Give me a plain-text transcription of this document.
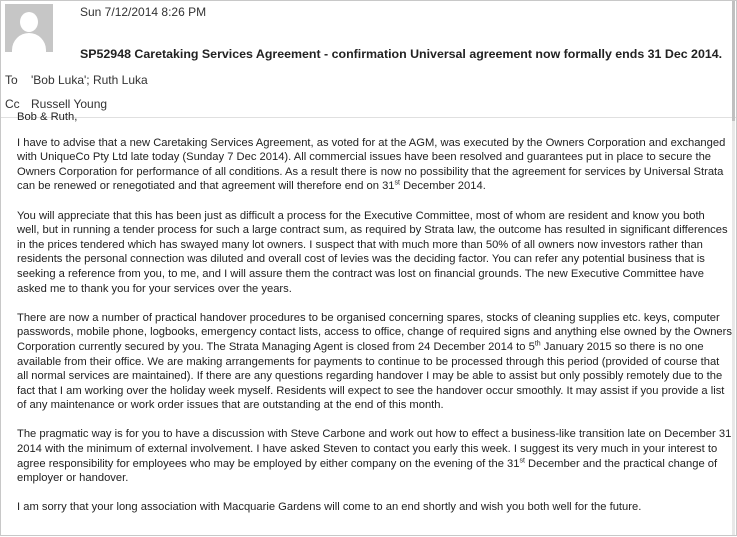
Sun 7/12/2014 8:26 PM
SP52948 Caretaking Services Agreement - confirmation Universal agreement now formally ends 31 Dec 2014.
To 'Bob Luka'; Ruth Luka
Cc Russell Young

Bob & Ruth,

I have to advise that a new Caretaking Services Agreement, as voted for at the AGM, was executed by the Owners Corporation and exchanged
with UniqueCo Pty Ltd late today (Sunday 7 Dec 2014). All commercial issues have been resolved and guarantees put in place to secure the
Owners Corporation for performance of all conditions. As a result there is now no possibility that the agreement for services by Universal Strata
can be renewed or renegotiated and that agreement will therefore end on 31st December 2014.

You will appreciate that this has been just as difficult a process for the Executive Committee, most of whom are resident and know you both
well, but in running a tender process for such a large contract sum, as required by Strata law, the outcome has resulted in significant differences
in the prices tendered which has swayed many lot owners. I suspect that with much more than 50% of all owners now investors rather than
residents the personal connection was diluted and overall cost of levies was the deciding factor. You can refer any potential business that is
seeking a reference from you, to me, and I will assure them the contract was lost on financial grounds. The new Executive Committee have
asked me to thank you for your services over the years.

There are now a number of practical handover procedures to be organised concerning spares, stocks of cleaning supplies etc. keys, computer
passwords, mobile phone, logbooks, emergency contact lists, access to office, change of required signs and anything else owned by the Owners
Corporation currently secured by you. The Strata Managing Agent is closed from 24 December 2014 to 5th January 2015 so there is no one
available from their office. We are making arrangements for payments to continue to be processed through this period (provided of course that
all normal services are maintained). If there are any questions regarding handover I may be able to assist but only possibly remotely due to the
fact that I am working over the holiday week myself. Residents will expect to see the handover occur smoothly. It may assist if you provide a list
of any maintenance or work order issues that are outstanding at the end of this month.

The pragmatic way is for you to have a discussion with Steve Carbone and work out how to effect a business-like transition late on December 31
2014 with the minimum of external involvement. I have asked Steven to contact you early this week. I suggest its very much in your interest to
agree responsibility for employees who may be employed by either company on the evening of the 31st December and the practical change of
employer or handover.

I am sorry that your long association with Macquarie Gardens will come to an end shortly and wish you both well for the future.
